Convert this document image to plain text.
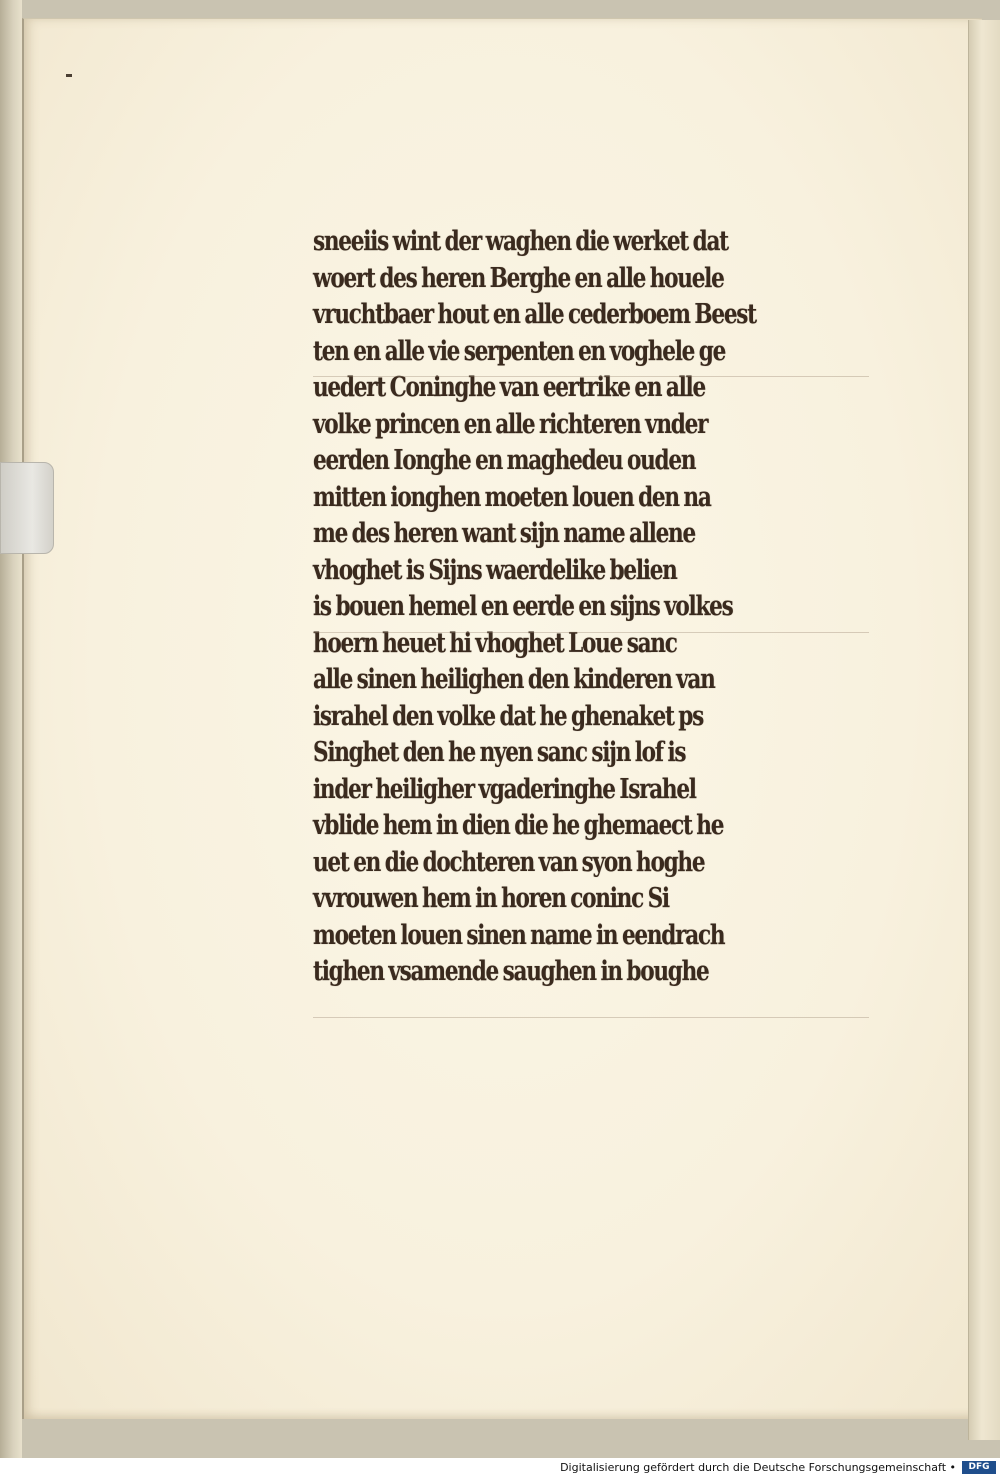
sneeiis wint der waghen die werket dat
woert des heren Berghe en alle houele
vruchtbaer hout en alle cederboem Beest
ten en alle vie serpenten en voghele ge
uedert Coninghe van eertrike en alle
volke princen en alle richteren vnder
eerden Ionghe en maghedeu ouden
mitten ionghen moeten louen den na
me des heren want sijn name allene
vhoghet is Sijns waerdelike belien
is bouen hemel en eerde en sijns volkes
hoern heuet hi vhoghet Loue sanc
alle sinen heilighen den kinderen van
israhel den volke dat he ghenaket ps
Singhet den he nyen sanc sijn lof is
inder heiligher vgaderinghe Israhel
vblide hem in dien die he ghemaect he
uet en die dochteren van syon hoghe
vvrouwen hem in horen coninc Si
moeten louen sinen name in eendrach
tighen vsamende saughen in boughe
Digitalisierung gefördert durch die Deutsche Forschungsgemeinschaft •	DFG
